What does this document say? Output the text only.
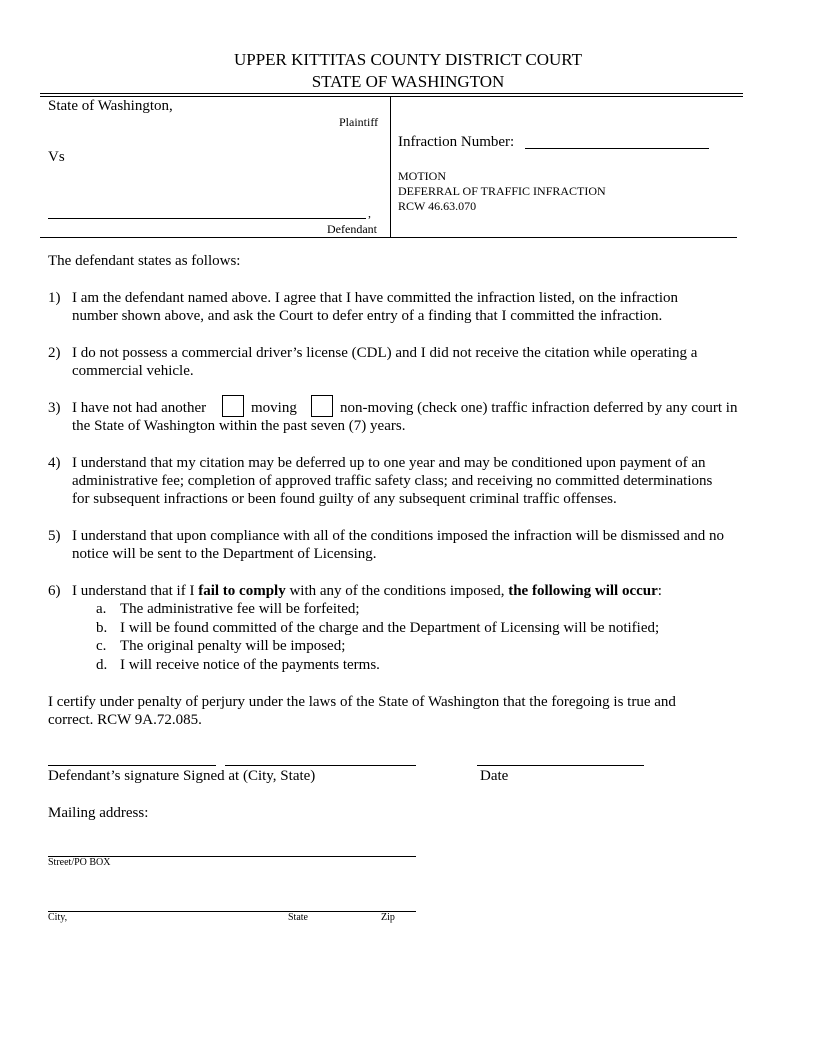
UPPER KITTITAS COUNTY DISTRICT COURT
STATE OF WASHINGTON
State of Washington,
Plaintiff
Vs
,
Defendant
Infraction Number:
MOTION
DEFERRAL OF TRAFFIC INFRACTION
RCW 46.63.070
The defendant states as follows:
1) I am the defendant named above. I agree that I have committed the infraction listed, on the infraction
number shown above, and ask the Court to defer entry of a finding that I committed the infraction.
2) I do not possess a commercial driver’s license (CDL) and I did not receive the citation while operating a
commercial vehicle.
3) I have not had another	moving	non-moving (check one) traffic infraction deferred by any court in
the State of Washington within the past seven (7) years.
4) I understand that my citation may be deferred up to one year and may be conditioned upon payment of an
administrative fee; completion of approved traffic safety class; and receiving no committed determinations
for subsequent infractions or been found guilty of any subsequent criminal traffic offenses.
5) I understand that upon compliance with all of the conditions imposed the infraction will be dismissed and no
notice will be sent to the Department of Licensing.
6) I understand that if I fail to comply with any of the conditions imposed, the following will occur:
a. The administrative fee will be forfeited;
b. I will be found committed of the charge and the Department of Licensing will be notified;
c. The original penalty will be imposed;
d. I will receive notice of the payments terms.
I certify under penalty of perjury under the laws of the State of Washington that the foregoing is true and
correct. RCW 9A.72.085.
Defendant’s signature Signed at (City, State)	Date
Mailing address:
Street/PO BOX
City,	State	Zip
